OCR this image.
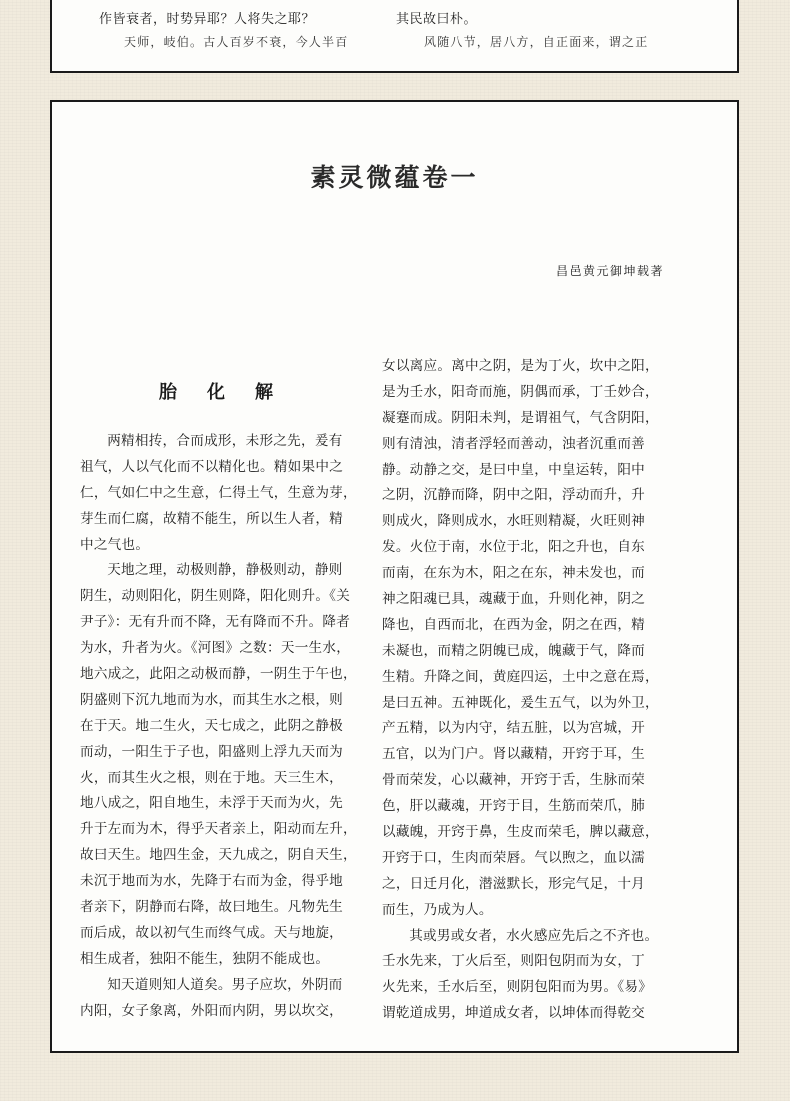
作皆衰者，时势异耶？人将失之耶？
天师，岐伯。古人百岁不衰，今人半百
其民故曰朴。
风随八节，居八方，自正面来，谓之正
素灵微蕴卷一
昌邑黄元御坤载著
胎化解
两精相抟，合而成形，未形之先，爰有
祖气，人以气化而不以精化也。精如果中之
仁，气如仁中之生意，仁得土气，生意为芽，
芽生而仁腐，故精不能生，所以生人者，精
中之气也。
天地之理，动极则静，静极则动，静则
阴生，动则阳化，阴生则降，阳化则升。《关
尹子》：无有升而不降，无有降而不升。降者
为水，升者为火。《河图》之数：天一生水，
地六成之，此阳之动极而静，一阴生于午也，
阴盛则下沉九地而为水，而其生水之根，则
在于天。地二生火，天七成之，此阴之静极
而动，一阳生于子也，阳盛则上浮九天而为
火，而其生火之根，则在于地。天三生木，
地八成之，阳自地生，未浮于天而为火，先
升于左而为木，得乎天者亲上，阳动而左升，
故曰天生。地四生金，天九成之，阴自天生，
未沉于地而为水，先降于右而为金，得乎地
者亲下，阴静而右降，故曰地生。凡物先生
而后成，故以初气生而终气成。天与地旋，
相生成者，独阳不能生，独阴不能成也。
知天道则知人道矣。男子应坎，外阴而
内阳，女子象离，外阳而内阴，男以坎交，
女以离应。离中之阴，是为丁火，坎中之阳，
是为壬水，阳奇而施，阴偶而承，丁壬妙合，
凝蹇而成。阴阳未判，是谓祖气，气含阴阳，
则有清浊，清者浮轻而善动，浊者沉重而善
静。动静之交，是曰中皇，中皇运转，阳中
之阴，沉静而降，阴中之阳，浮动而升，升
则成火，降则成水，水旺则精凝，火旺则神
发。火位于南，水位于北，阳之升也，自东
而南，在东为木，阳之在东，神未发也，而
神之阳魂已具，魂藏于血，升则化神，阴之
降也，自西而北，在西为金，阴之在西，精
未凝也，而精之阴魄已成，魄藏于气，降而
生精。升降之间，黄庭四运，土中之意在焉，
是曰五神。五神既化，爰生五气，以为外卫，
产五精，以为内守，结五脏，以为宫城，开
五官，以为门户。肾以藏精，开窍于耳，生
骨而荣发，心以藏神，开窍于舌，生脉而荣
色，肝以藏魂，开窍于目，生筋而荣爪，肺
以藏魄，开窍于鼻，生皮而荣毛，脾以藏意，
开窍于口，生肉而荣唇。气以煦之，血以濡
之，日迁月化，潜滋默长，形完气足，十月
而生，乃成为人。
其或男或女者，水火感应先后之不齐也。
壬水先来，丁火后至，则阳包阴而为女，丁
火先来，壬水后至，则阴包阳而为男。《易》
谓乾道成男，坤道成女者，以坤体而得乾交
